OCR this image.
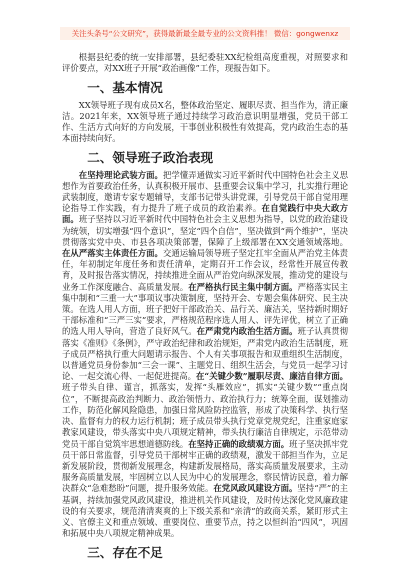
关注头条号“公文研究”，获得最新最全最专业的公文资料推！ 微信：gongwenxz

根据县纪委的统一安排部署，县纪委驻XX纪检组高度重视，对照要求和评价要点，对XX班子开展“政治画像”工作，现报告如下。

一、基本情况

XX领导班子现有成员X名，整体政治坚定、履职尽责、担当作为，清正廉洁。2021年来，XX领导班子通过持续学习政治意识明显增强，党员干部工作、生活方式向好的方向发展，干事创业积极性有效提高，党内政治生态的基本面持续向好。

二、领导班子政治表现

在坚持理论武装方面。把学懂弄通做实习近平新时代中国特色社会主义思想作为首要政治任务，认真积极开展市、县重要会议集中学习，扎实推行理论武装制度，邀请专家专题辅导，支部书记带头讲党课，引导党员干部自觉用理论指导工作实践，有力提升了班子成员的政治素养。在自觉践行中央大政方面。班子坚持以习近平新时代中国特色社会主义思想为指导，以党的政治建设为统领，切实增强“四个意识”，坚定“四个自信”，坚决做到“两个维护”，坚决贯彻落实党中央、市县各项决策部署，保障了上级部署在XX交通领域落地。在从严落实主体责任方面。交通运输局领导班子坚定扛牢全面从严治党主体责任，年初制定年度任务和责任清单，定期召开工作会议，经常性开展宣传教育，及时报告落实情况，持续推进全面从严治党向纵深发展，推动党的建设与业务工作深度融合、高质量发展。在严格执行民主集中制方面。严格落实民主集中制和“三重一大”事项议事决策制度，坚持开会、专题会集体研究、民主决策。在选人用人方面，班子把好干部政治关、品行关、廉洁关，坚持新时期好干部标准和“三严三实”要求，严格规范程序选人用人、评先评优，树立了正确的选人用人导向，营造了良好风气。在严肃党内政治生活方面。班子认真贯彻落实《准则》《条例》，严守政治纪律和政治规矩，严肃党内政治生活制度，班子成员严格执行重大问题请示报告、个人有关事项报告和双重组织生活制度，以普通党员身份参加“三会一课”、主题党日、组织生活会，与党员一起学习讨论、一起交流心得、一起促进提高。在“关键少数”履职尽责、廉洁自律方面。班子带头自律、谨言，抓落实，发挥“头雁效应”，抓实“关键少数”“重点岗位”，不断提高政治判断力、政治领悟力、政治执行力；统筹全面，谋划推动工作，防范化解风险隐患，加强日常风险防控监管，形成了决策科学、执行坚决、监督有力的权力运行机制；班子成员带头执行党章党规党纪，注重家庭家教家风建设，带头落实中央八项规定精神，带头执行廉洁自律规定，示范带动党员干部自觉筑牢思想道德防线。在坚持正确的政绩观方面。班子坚决抓牢党员干部日常监督，引导党员干部树牢正确的政绩观，激发干部担当作为，立足新发展阶段，贯彻新发展理念，构建新发展格局，落实高质量发展要求，主动服务高质量发展，牢固树立以人民为中心的发展理念，察民情访民意，着力解决群众“急难愁盼”问题，提升服务效能。在党风政风建设方面。坚持“严”的主基调，持续加强党风政风建设，推进机关作风建设，及时传达深化党风廉政建设的有关要求，规范清清爽爽的上下级关系和“亲清”的政商关系，紧盯形式主义、官僚主义和重点领域、重要岗位、重要节点，持之以恒纠治“四风”，巩固和拓展中央八项规定精神成果。

三、存在不足
